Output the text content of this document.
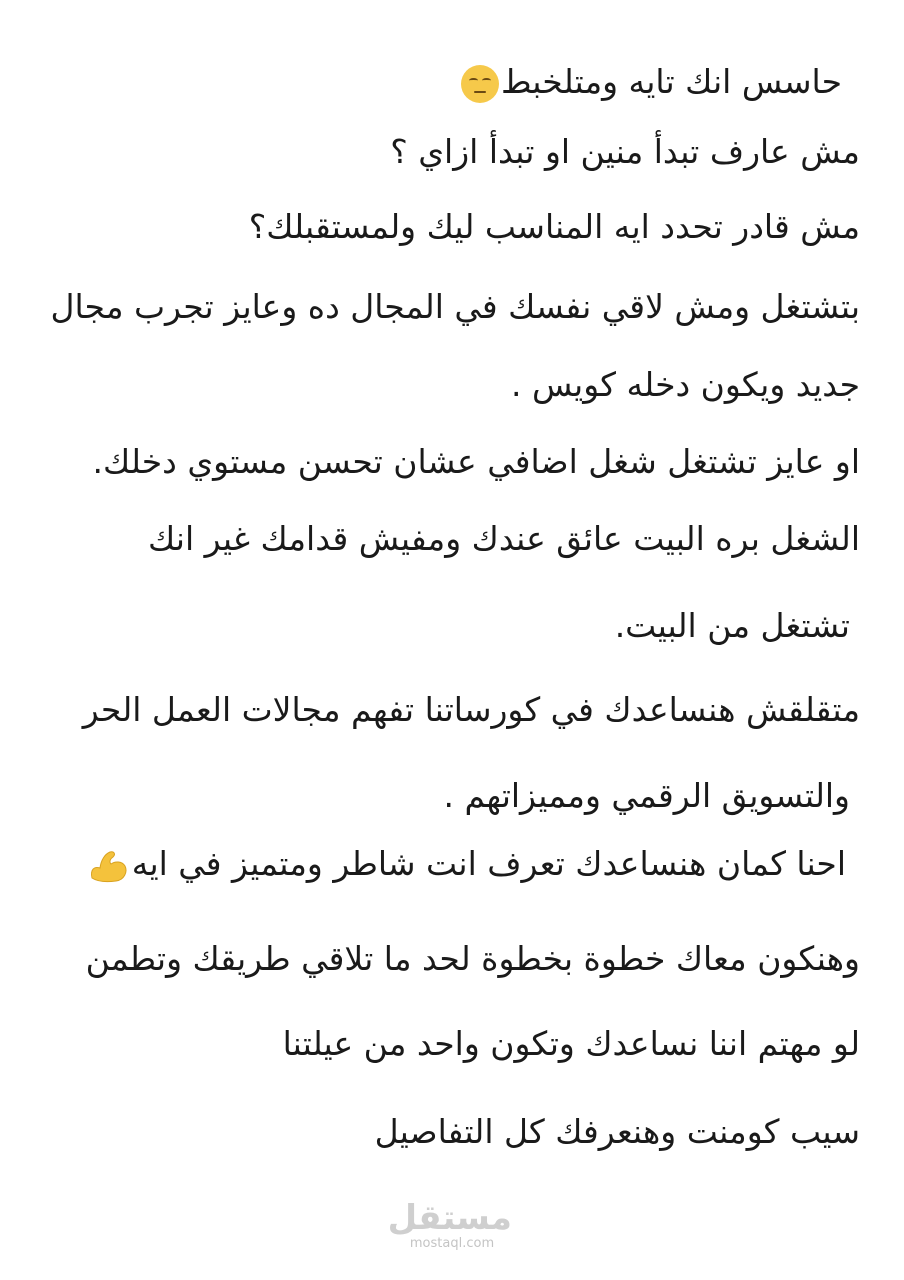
حاسس انك تايه ومتلخبط
مش عارف تبدأ منين او تبدأ ازاي ؟
مش قادر تحدد ايه المناسب ليك ولمستقبلك؟
بتشتغل ومش لاقي نفسك في المجال ده وعايز تجرب مجال
جديد ويكون دخله كويس .
او عايز تشتغل شغل اضافي عشان تحسن مستوي دخلك.
الشغل بره البيت عائق عندك ومفيش قدامك غير انك
تشتغل من البيت.
متقلقش هنساعدك في كورساتنا تفهم مجالات العمل الحر
والتسويق الرقمي ومميزاتهم .
احنا كمان هنساعدك تعرف انت شاطر ومتميز في ايه
وهنكون معاك خطوة بخطوة لحد ما تلاقي طريقك وتطمن
لو مهتم اننا نساعدك وتكون واحد من عيلتنا
سيب كومنت وهنعرفك كل التفاصيل
مستقل
mostaql.com
